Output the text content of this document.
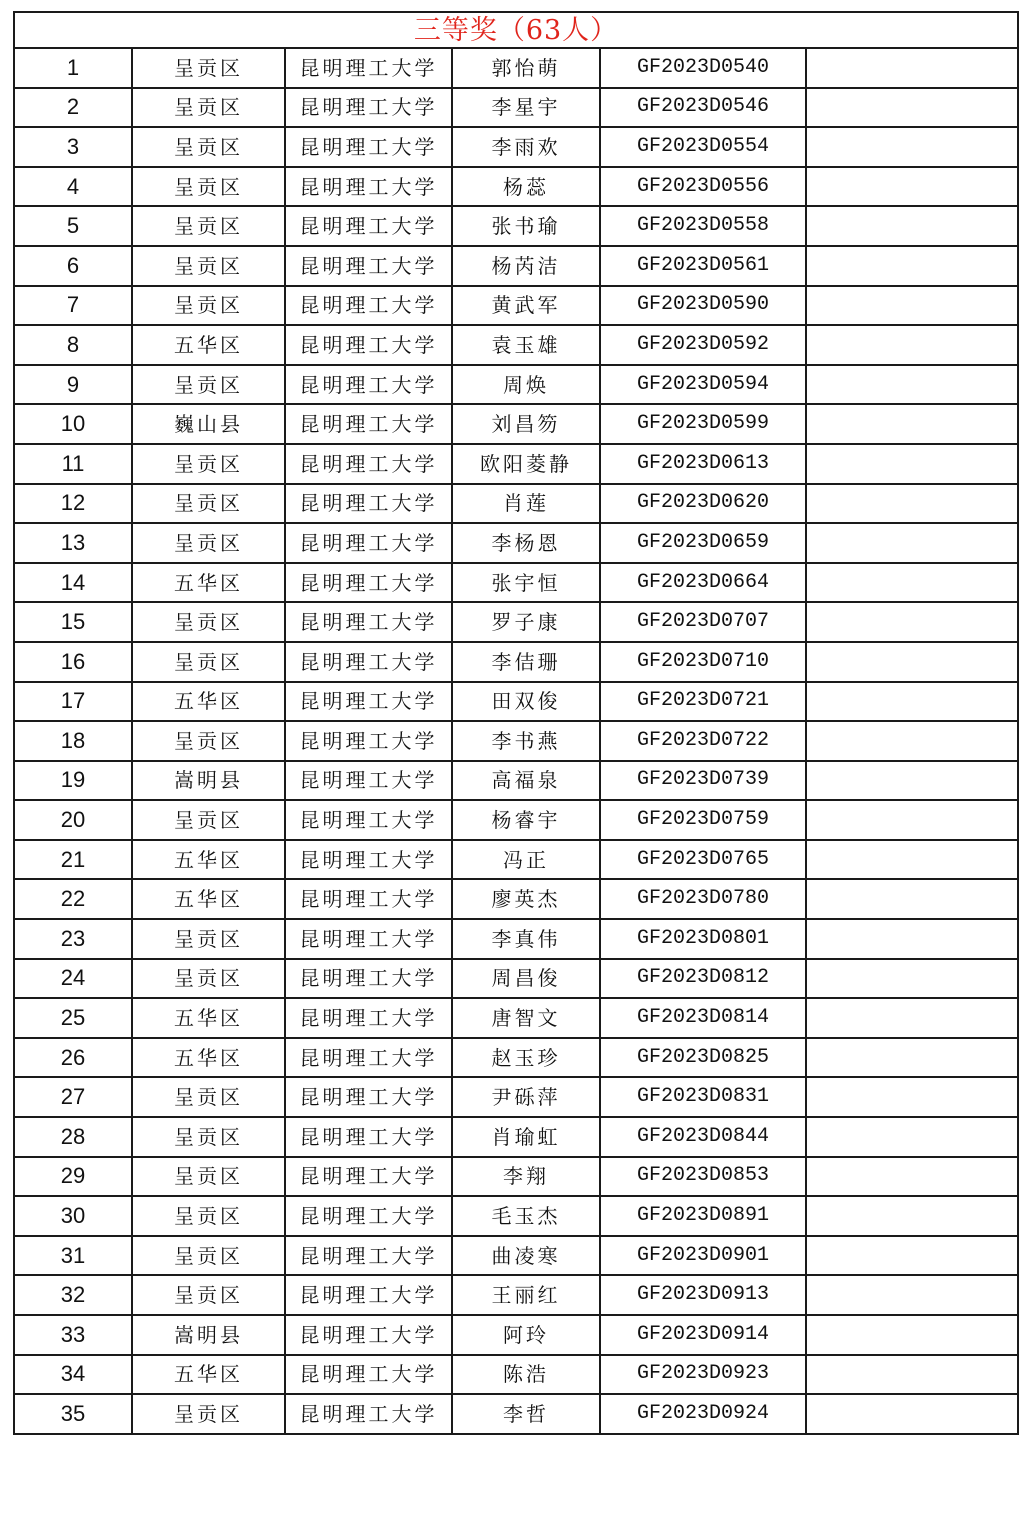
三等奖（63人）					
1	呈贡区	昆明理工大学	郭怡萌	GF2023D0540	
2	呈贡区	昆明理工大学	李星宇	GF2023D0546	
3	呈贡区	昆明理工大学	李雨欢	GF2023D0554	
4	呈贡区	昆明理工大学	杨蕊	GF2023D0556	
5	呈贡区	昆明理工大学	张书瑜	GF2023D0558	
6	呈贡区	昆明理工大学	杨芮洁	GF2023D0561	
7	呈贡区	昆明理工大学	黄武军	GF2023D0590	
8	五华区	昆明理工大学	袁玉雄	GF2023D0592	
9	呈贡区	昆明理工大学	周焕	GF2023D0594	
10	巍山县	昆明理工大学	刘昌笏	GF2023D0599	
11	呈贡区	昆明理工大学	欧阳菱静	GF2023D0613	
12	呈贡区	昆明理工大学	肖莲	GF2023D0620	
13	呈贡区	昆明理工大学	李杨恩	GF2023D0659	
14	五华区	昆明理工大学	张宇恒	GF2023D0664	
15	呈贡区	昆明理工大学	罗子康	GF2023D0707	
16	呈贡区	昆明理工大学	李佶珊	GF2023D0710	
17	五华区	昆明理工大学	田双俊	GF2023D0721	
18	呈贡区	昆明理工大学	李书燕	GF2023D0722	
19	嵩明县	昆明理工大学	高福泉	GF2023D0739	
20	呈贡区	昆明理工大学	杨睿宇	GF2023D0759	
21	五华区	昆明理工大学	冯正	GF2023D0765	
22	五华区	昆明理工大学	廖英杰	GF2023D0780	
23	呈贡区	昆明理工大学	李真伟	GF2023D0801	
24	呈贡区	昆明理工大学	周昌俊	GF2023D0812	
25	五华区	昆明理工大学	唐智文	GF2023D0814	
26	五华区	昆明理工大学	赵玉珍	GF2023D0825	
27	呈贡区	昆明理工大学	尹砾萍	GF2023D0831	
28	呈贡区	昆明理工大学	肖瑜虹	GF2023D0844	
29	呈贡区	昆明理工大学	李翔	GF2023D0853	
30	呈贡区	昆明理工大学	毛玉杰	GF2023D0891	
31	呈贡区	昆明理工大学	曲凌寒	GF2023D0901	
32	呈贡区	昆明理工大学	王丽红	GF2023D0913	
33	嵩明县	昆明理工大学	阿玲	GF2023D0914	
34	五华区	昆明理工大学	陈浩	GF2023D0923	
35	呈贡区	昆明理工大学	李哲	GF2023D0924	
